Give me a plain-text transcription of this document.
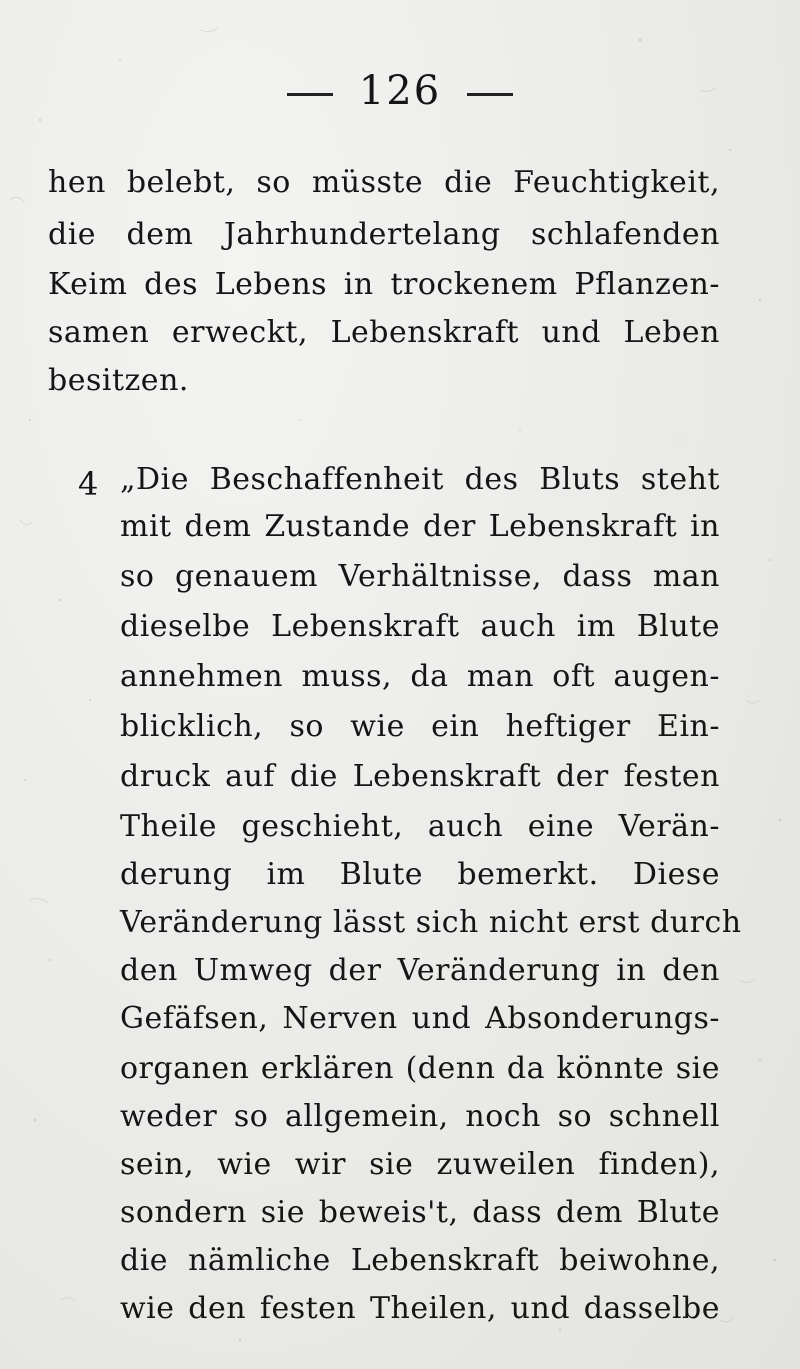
126
hen belebt, so müsste die Feuchtigkeit,
die dem Jahrhundertelang schlafenden
Keim des Lebens in trockenem Pflanzen-
samen erweckt, Lebenskraft und Leben
besitzen.
4 „Die Beschaffenheit des Bluts steht
mit dem Zustande der Lebenskraft in
so genauem Verhältnisse, dass man
dieselbe Lebenskraft auch im Blute
annehmen muss, da man oft augen-
blicklich, so wie ein heftiger Ein-
druck auf die Lebenskraft der festen
Theile geschieht, auch eine Verän-
derung im Blute bemerkt. Diese
Veränderung lässt sich nicht erst durch
den Umweg der Veränderung in den
Gefäfsen, Nerven und Absonderungs-
organen erklären (denn da könnte sie
weder so allgemein, noch so schnell
sein, wie wir sie zuweilen finden),
sondern sie beweis't, dass dem Blute
die nämliche Lebenskraft beiwohne,
wie den festen Theilen, und dasselbe
